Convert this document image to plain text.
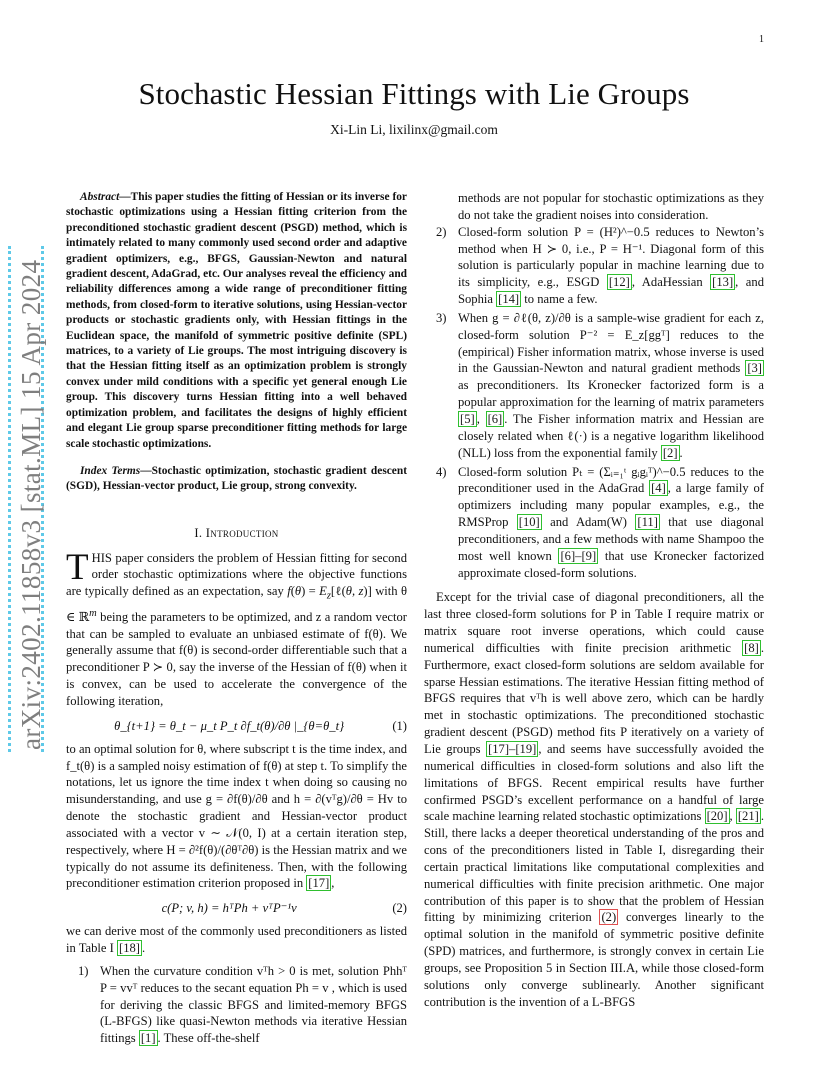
1
Stochastic Hessian Fittings with Lie Groups
Xi-Lin Li, lixilinx@gmail.com
arXiv:2402.11858v3 [stat.ML] 15 Apr 2024

Abstract—This paper studies the fitting of Hessian or its inverse for stochastic optimizations using a Hessian fitting criterion from the preconditioned stochastic gradient descent (PSGD) method, which is intimately related to many commonly used second order and adaptive gradient optimizers, e.g., BFGS, Gaussian-Newton and natural gradient descent, AdaGrad, etc. Our analyses reveal the efficiency and reliability differences among a wide range of preconditioner fitting methods, from closed-form to iterative solutions, using Hessian-vector products or stochastic gradients only, with Hessian fittings in the Euclidean space, the manifold of symmetric positive definite (SPL) matrices, to a variety of Lie groups. The most intriguing discovery is that the Hessian fitting itself as an optimization problem is strongly convex under mild conditions with a specific yet general enough Lie group. This discovery turns Hessian fitting into a well behaved optimization problem, and facilitates the designs of highly efficient and elegant Lie group sparse preconditioner fitting methods for large scale stochastic optimizations.

Index Terms—Stochastic optimization, stochastic gradient descent (SGD), Hessian-vector product, Lie group, strong convexity.

I. Introduction

THIS paper considers the problem of Hessian fitting for second order stochastic optimizations where the objective functions are typically defined as an expectation, say $f(\theta) = E_z[\ell(\theta$, z)] with θ ∈ ℝ$^m$ being the parameters to be optimized, and z a random vector that can be sampled to evaluate an unbiased estimate of f(θ). We generally assume that f(θ) is second-order differentiable such that a preconditioner P ≻ 0, say the inverse of the Hessian of f(θ) when it is convex, can be used to accelerate the convergence of the following iteration,

θ_{t+1} = θ_t − μ_t P_t ∂f_t(θ)/∂θ |_{θ=θ_t}	(1)

to an optimal solution for θ, where subscript t is the time index, and f_t(θ) is a sampled noisy estimation of f(θ) at step t. To simplify the notations, let us ignore the time index t when doing so causing no misunderstanding, and use g = ∂f(θ)/∂θ and h = ∂(vᵀg)/∂θ = Hv to denote the stochastic gradient and Hessian-vector product associated with a vector v ∼ 𝒩(0, I) at a certain iteration step, respectively, where H = ∂²f(θ)/(∂θᵀ∂θ) is the Hessian matrix and we typically do not assume its definiteness. Then, with the following preconditioner estimation criterion proposed in [17] ,

c(P; v, h) = hᵀPh + vᵀP⁻¹v	(2)

we can derive most of the commonly used preconditioners as listed in Table I [18] .

1) When the curvature condition vᵀh > 0 is met, solution Phhᵀ P = vvᵀ reduces to the secant equation Ph = v , which is used for deriving the classic BFGS and limited-memory BFGS (L-BFGS) like quasi-Newton methods via iterative Hessian fittings [1] . These off-the-shelf

methods are not popular for stochastic optimizations as they do not take the gradient noises into consideration.

2) Closed-form solution P = (H²)^−0.5 reduces to Newton’s method when H ≻ 0, i.e., P = H⁻¹. Diagonal form of this solution is particularly popular in machine learning due to its simplicity, e.g., ESGD [12] , AdaHessian [13] , and Sophia [14] to name a few.
3) When g = ∂ℓ(θ, z)/∂θ is a sample-wise gradient for each z, closed-form solution P⁻² = E_z[ggᵀ] reduces to the (empirical) Fisher information matrix, whose inverse is used in the Gaussian-Newton and natural gradient methods [3] as preconditioners. Its Kronecker factorized form is a popular approximation for the learning of matrix parameters [5] , [6] . The Fisher information matrix and Hessian are closely related when ℓ(·) is a negative logarithm likelihood (NLL) loss from the exponential family [2] .
4) Closed-form solution Pₜ = (Σᵢ₌₁ᵗ gᵢgᵢᵀ)^−0.5 reduces to the preconditioner used in the AdaGrad [4] , a large family of optimizers including many popular examples, e.g., the RMSProp [10] and Adam(W) [11] that use diagonal preconditioners, and a few methods with name Shampoo the most well known [6]–[9] that use Kronecker factorized approximate closed-form solutions.

Except for the trivial case of diagonal preconditioners, all the last three closed-form solutions for P in Table I require matrix or matrix square root inverse operations, which could cause numerical difficulties with finite precision arithmetic [8] . Furthermore, exact closed-form solutions are seldom available for sparse Hessian estimations. The iterative Hessian fitting method of BFGS requires that vᵀh is well above zero, which can be hardly met in stochastic optimizations. The preconditioned stochastic gradient descent (PSGD) method fits P iteratively on a variety of Lie groups [17]–[19] , and seems have successfully avoided the numerical difficulties in closed-form solutions and also lift the limitations of BFGS. Recent empirical results have further confirmed PSGD’s excellent performance on a handful of large scale machine learning related stochastic optimizations [20] , [21] . Still, there lacks a deeper theoretical understanding of the pros and cons of the preconditioners listed in Table I, disregarding their certain practical limitations like computational complexities and numerical difficulties with finite precision arithmetic. One major contribution of this paper is to show that the problem of Hessian fitting by minimizing criterion (2) converges linearly to the optimal solution in the manifold of symmetric positive definite (SPD) matrices, and furthermore, is strongly convex in certain Lie groups, see Proposition 5 in Section III.A, while those closed-form solutions only converge sublinearly. Another significant contribution is the invention of a L-BFGS
